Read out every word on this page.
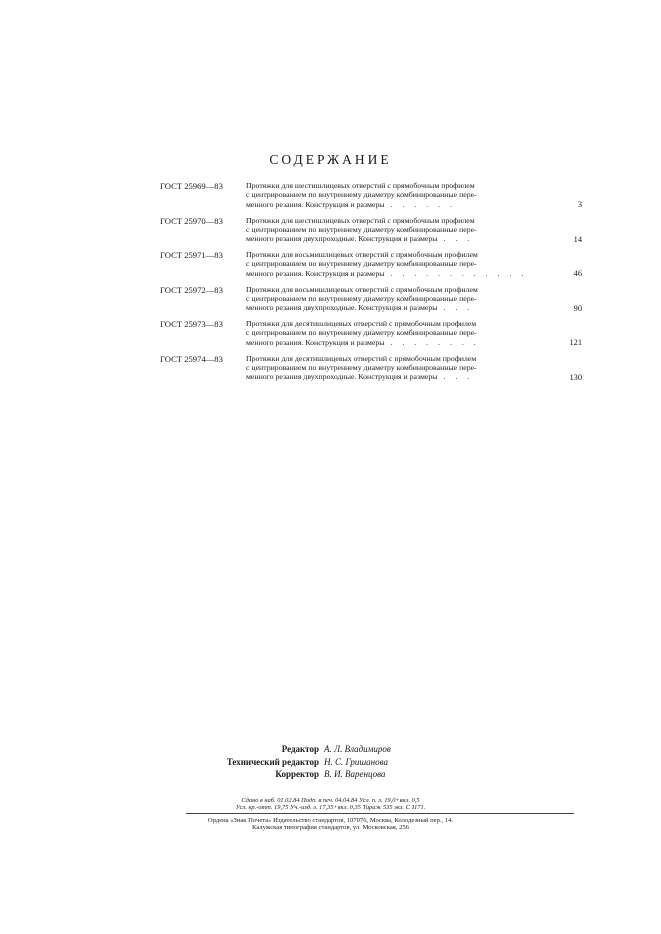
СОДЕРЖАНИЕ
ГОСТ 25969—83	Протяжки для шестишлицевых отверстий с прямобочным профилем
с центрированием по внутреннему диаметру комбинированные пере-
менного резания. Конструкция и размеры . . . . . .	3
ГОСТ 25970—83	Протяжки для шестишлицевых отверстий с прямобочным профилем
с центрированием по внутреннему диаметру комбинированные пере-
менного резания двухпроходные. Конструкция и размеры . . .	14
ГОСТ 25971—83	Протяжки для восьмишлицевых отверстий с прямобочным профилем
с центрированием по внутреннему диаметру комбинированные пере-
менного резания. Конструкция и размеры . . . . . . . . . . . .	46
ГОСТ 25972—83	Протяжки для восьмишлицевых отверстий с прямобочным профилем
с центрированием по внутреннему диаметру комбинированные пере-
менного резания двухпроходные. Конструкция и размеры . . .	90
ГОСТ 25973—83	Протяжки для десятишлицевых отверстий с прямобочным профилем
с центрированием по внутреннему диаметру комбинированные пере-
менного резания. Конструкция и размеры . . . . . . . .	121
ГОСТ 25974—83	Протяжки для десятишлицевых отверстий с прямобочным профилем
с центрированием по внутреннему диаметру комбинированные пере-
менного резания двухпроходные. Конструкция и размеры . . .	130
Редактор А. Л. Владимиров
Технический редактор Н. С. Гришанова
Корректор В. И. Варенцова
Сдано в наб. 01.02.84 Подп. в печ. 04.04.84 Усл. п. л. 19,0+вкл. 0,5
Усл. кр.-отт. 19,75 Уч.-изд. л. 17,35+вкл. 0,35 Тираж 535 экз. С 1171.
Ордена «Знак Почета» Издательство стандартов, 107076, Москва, Колодезный пер., 14.
Калужская типография стандартов, ул. Московская, 256
